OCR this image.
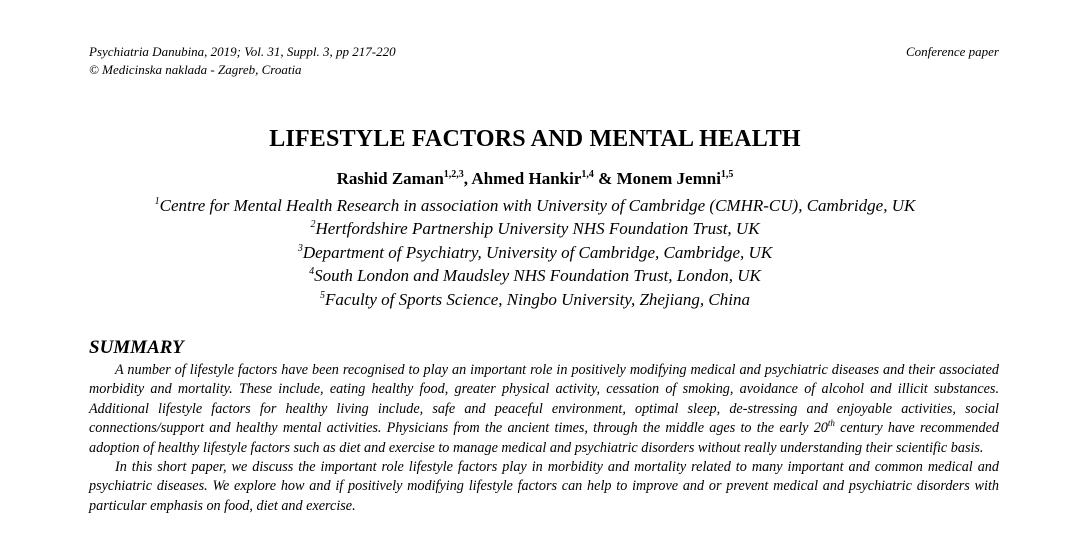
Psychiatria Danubina, 2019; Vol. 31, Suppl. 3, pp 217-220
© Medicinska naklada - Zagreb, Croatia
Conference paper
LIFESTYLE FACTORS AND MENTAL HEALTH
Rashid Zaman$^{1,2,3}$, Ahmed Hankir$^{1,4}$ & Monem Jemni$^{1,5}$
$^1$Centre for Mental Health Research in association with University of Cambridge (CMHR-CU), Cambridge, UK
$^2$Hertfordshire Partnership University NHS Foundation Trust, UK
$^3$Department of Psychiatry, University of Cambridge, Cambridge, UK
$^4$South London and Maudsley NHS Foundation Trust, London, UK
$^5$Faculty of Sports Science, Ningbo University, Zhejiang, China
SUMMARY

A number of lifestyle factors have been recognised to play an important role in positively modifying medical and psychiatric diseases and their associated morbidity and mortality. These include, eating healthy food, greater physical activity, cessation of smoking, avoidance of alcohol and illicit substances. Additional lifestyle factors for healthy living include, safe and peaceful environment, optimal sleep, de-stressing and enjoyable activities, social connections/support and healthy mental activities. Physicians from the ancient times, through the middle ages to the early 20th century have recommended adoption of healthy lifestyle factors such as diet and exercise to manage medical and psychiatric disorders without really understanding their scientific basis.

In this short paper, we discuss the important role lifestyle factors play in morbidity and mortality related to many important and common medical and psychiatric diseases. We explore how and if positively modifying lifestyle factors can help to improve and or prevent medical and psychiatric disorders with particular emphasis on food, diet and exercise.
